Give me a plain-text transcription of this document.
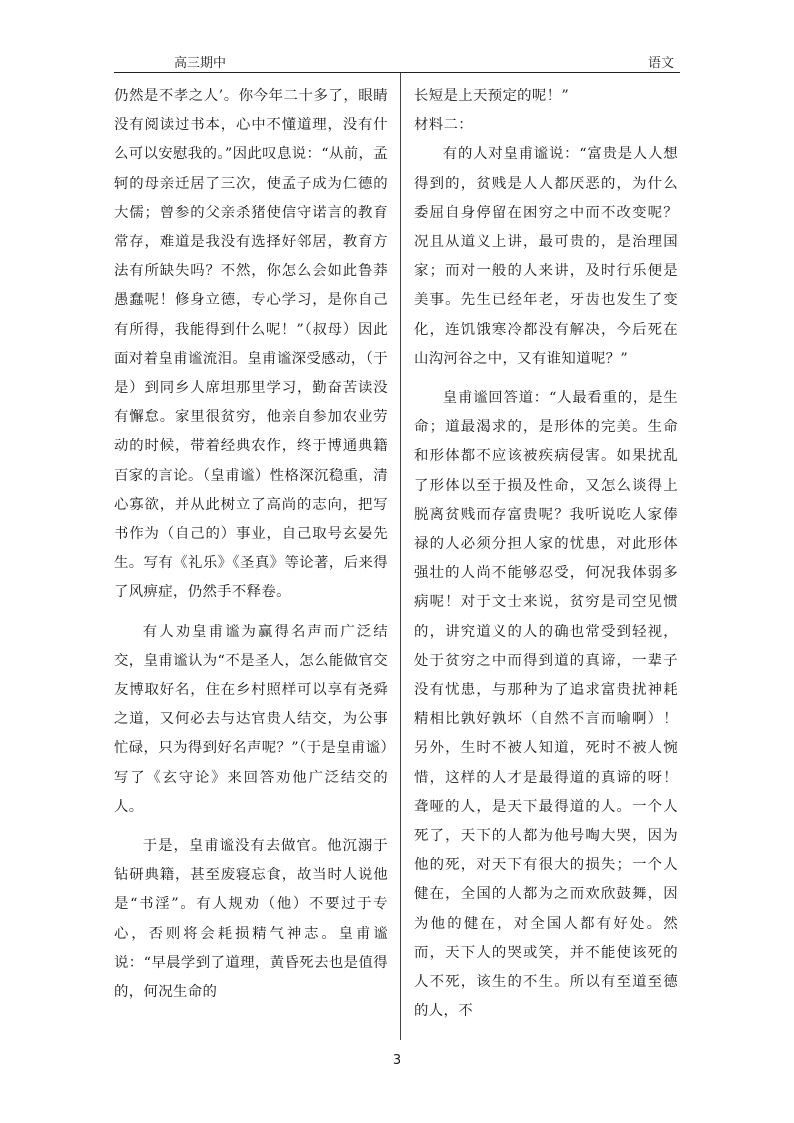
高三期中	语文

仍然是不孝之人’。你今年二十多了，眼睛没有阅读过书本，心中不懂道理，没有什么可以安慰我的。”因此叹息说：“从前，孟轲的母亲迁居了三次，使孟子成为仁德的大儒；曾参的父亲杀猪使信守诺言的教育常存，难道是我没有选择好邻居，教育方法有所缺失吗？不然，你怎么会如此鲁莽愚蠢呢！修身立德，专心学习，是你自己有所得，我能得到什么呢！”（叔母）因此面对着皇甫谧流泪。皇甫谧深受感动，（于是）到同乡人席坦那里学习，勤奋苦读没有懈怠。家里很贫穷，他亲自参加农业劳动的时候，带着经典农作，终于博通典籍百家的言论。（皇甫谧）性格深沉稳重，清心寡欲，并从此树立了高尚的志向，把写书作为（自己的）事业，自己取号玄晏先生。写有《礼乐》《圣真》等论著，后来得了风痹症，仍然手不释卷。

有人劝皇甫谧为赢得名声而广泛结交，皇甫谧认为“不是圣人，怎么能做官交友博取好名，住在乡村照样可以享有尧舜之道，又何必去与达官贵人结交，为公事忙碌，只为得到好名声呢？”（于是皇甫谧）写了《玄守论》来回答劝他广泛结交的人。

于是，皇甫谧没有去做官。他沉溺于钻研典籍，甚至废寝忘食，故当时人说他是“书淫”。有人规劝（他）不要过于专心，否则将会耗损精气神志。皇甫谧说：“早晨学到了道理，黄昏死去也是值得的，何况生命的

长短是上天预定的呢！”

材料二：

有的人对皇甫谧说：“富贵是人人想得到的，贫贱是人人都厌恶的，为什么委屈自身停留在困穷之中而不改变呢？况且从道义上讲，最可贵的，是治理国家；而对一般的人来讲，及时行乐便是美事。先生已经年老，牙齿也发生了变化，连饥饿寒冷都没有解决，今后死在山沟河谷之中，又有谁知道呢？”

皇甫谧回答道：“人最看重的，是生命；道最渴求的，是形体的完美。生命和形体都不应该被疾病侵害。如果扰乱了形体以至于损及性命，又怎么谈得上脱离贫贱而存富贵呢？我听说吃人家俸禄的人必须分担人家的忧患，对此形体强壮的人尚不能够忍受，何况我体弱多病呢！对于文士来说，贫穷是司空见惯的，讲究道义的人的确也常受到轻视，处于贫穷之中而得到道的真谛，一辈子没有忧患，与那种为了追求富贵扰神耗精相比孰好孰坏（自然不言而喻啊）！另外，生时不被人知道，死时不被人惋惜，这样的人才是最得道的真谛的呀！聋哑的人，是天下最得道的人。一个人死了，天下的人都为他号啕大哭，因为他的死，对天下有很大的损失；一个人健在，全国的人都为之而欢欣鼓舞，因为他的健在，对全国人都有好处。然而，天下人的哭或笑，并不能使该死的人不死，该生的不生。所以有至道至德的人，不

3
